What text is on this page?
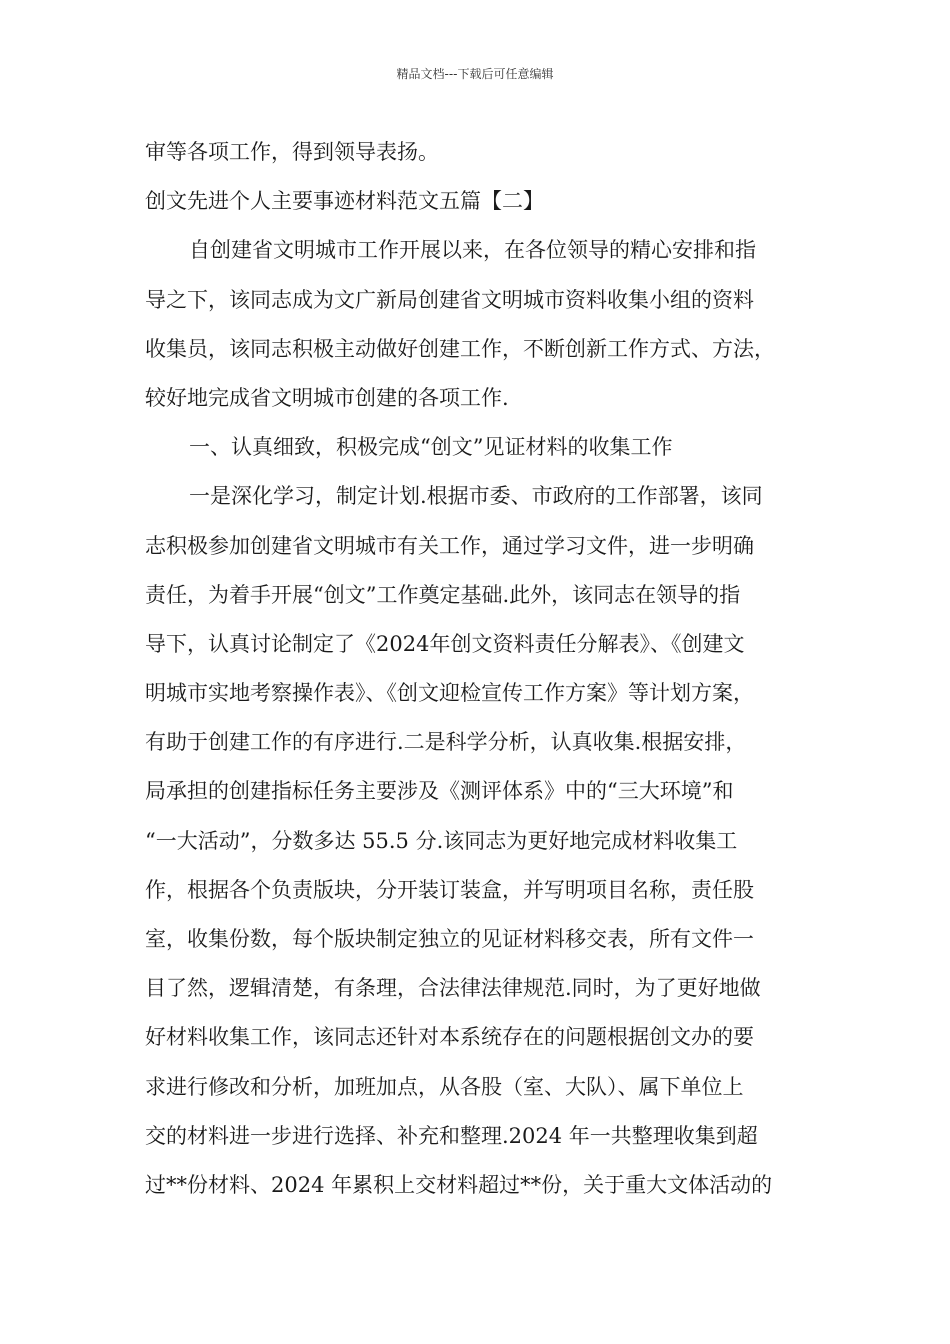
精品文档---下载后可任意编辑
审等各项工作，得到领导表扬。
创文先进个人主要事迹材料范文五篇【二】
自创建省文明城市工作开展以来，在各位领导的精心安排和指
导之下，该同志成为文广新局创建省文明城市资料收集小组的资料
收集员，该同志积极主动做好创建工作，不断创新工作方式、方法，
较好地完成省文明城市创建的各项工作.
一、认真细致，积极完成“创文”见证材料的收集工作
一是深化学习，制定计划.根据市委、市政府的工作部署，该同
志积极参加创建省文明城市有关工作，通过学习文件，进一步明确
责任，为着手开展“创文”工作奠定基础.此外，该同志在领导的指
导下，认真讨论制定了《2024年创文资料责任分解表》、《创建文
明城市实地考察操作表》、《创文迎检宣传工作方案》等计划方案，
有助于创建工作的有序进行.二是科学分析，认真收集.根据安排，
局承担的创建指标任务主要涉及《测评体系》中的“三大环境”和
“一大活动”，分数多达 55.5 分.该同志为更好地完成材料收集工
作，根据各个负责版块，分开装订装盒，并写明项目名称，责任股
室，收集份数，每个版块制定独立的见证材料移交表，所有文件一
目了然，逻辑清楚，有条理，合法律法律规范.同时，为了更好地做
好材料收集工作，该同志还针对本系统存在的问题根据创文办的要
求进行修改和分析，加班加点，从各股（室、大队）、属下单位上
交的材料进一步进行选择、补充和整理.2024 年一共整理收集到超
过**份材料、2024 年累积上交材料超过**份，关于重大文体活动的
